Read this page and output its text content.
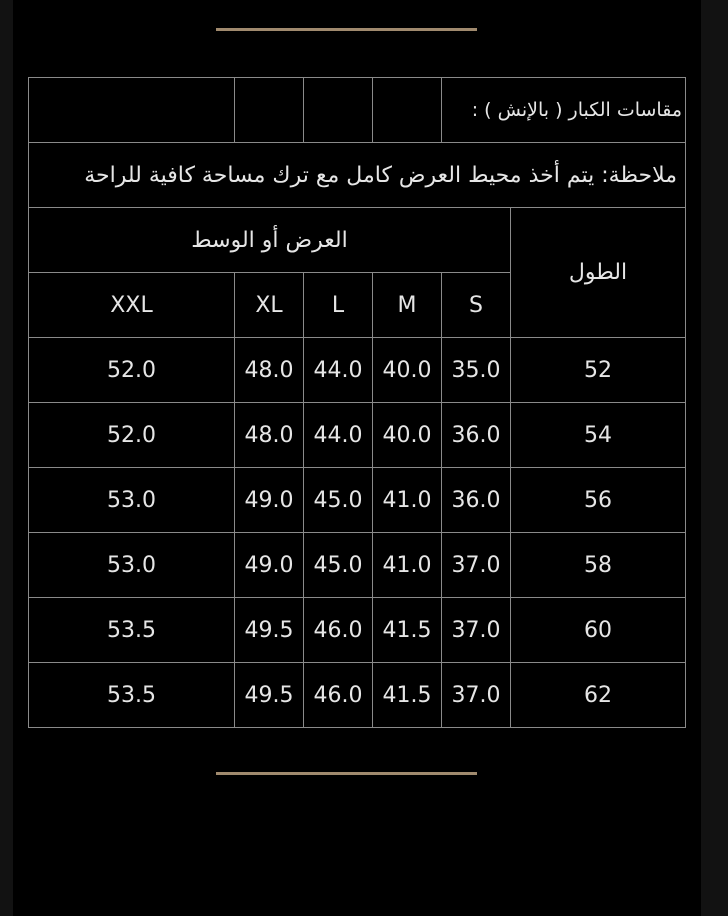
مقاسات الكبار ( بالإنش ) :					
ملاحظة: يتم أخذ محيط العرض كامل مع ترك مساحة كافية للراحة					
الطول	العرض أو الوسط				
	S	M	L	XL	XXL
52	35.0	40.0	44.0	48.0	52.0
54	36.0	40.0	44.0	48.0	52.0
56	36.0	41.0	45.0	49.0	53.0
58	37.0	41.0	45.0	49.0	53.0
60	37.0	41.5	46.0	49.5	53.5
62	37.0	41.5	46.0	49.5	53.5
